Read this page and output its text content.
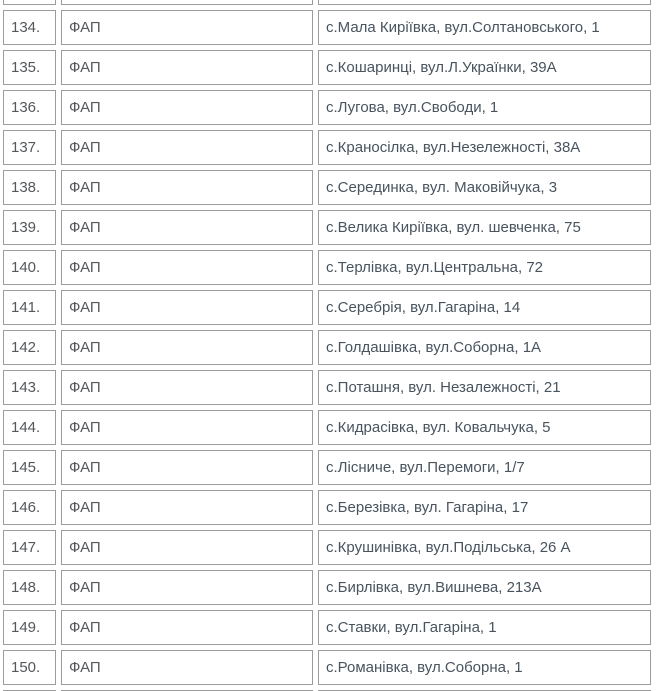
134.	ФАП	с.Мала Киріївка, вул.Солтановського, 1
135.	ФАП	с.Кошаринці, вул.Л.Українки, 39А
136.	ФАП	с.Лугова, вул.Свободи, 1
137.	ФАП	с.Краносілка, вул.Незележності, 38А
138.	ФАП	с.Серединка, вул. Маковійчука, 3
139.	ФАП	с.Велика Киріївка, вул. шевченка, 75
140.	ФАП	с.Терлівка, вул.Центральна, 72
141.	ФАП	с.Серебрія, вул.Гагаріна, 14
142.	ФАП	с.Голдашівка, вул.Соборна, 1А
143.	ФАП	с.Поташня, вул. Незалежності, 21
144.	ФАП	с.Кидрасівка, вул. Ковальчука, 5
145.	ФАП	с.Лісниче, вул.Перемоги, 1/7
146.	ФАП	с.Березівка, вул. Гагаріна, 17
147.	ФАП	с.Крушинівка, вул.Подільська, 26 А
148.	ФАП	с.Бирлівка, вул.Вишнева, 213А
149.	ФАП	с.Ставки, вул.Гагаріна, 1
150.	ФАП	с.Романівка, вул.Соборна, 1
